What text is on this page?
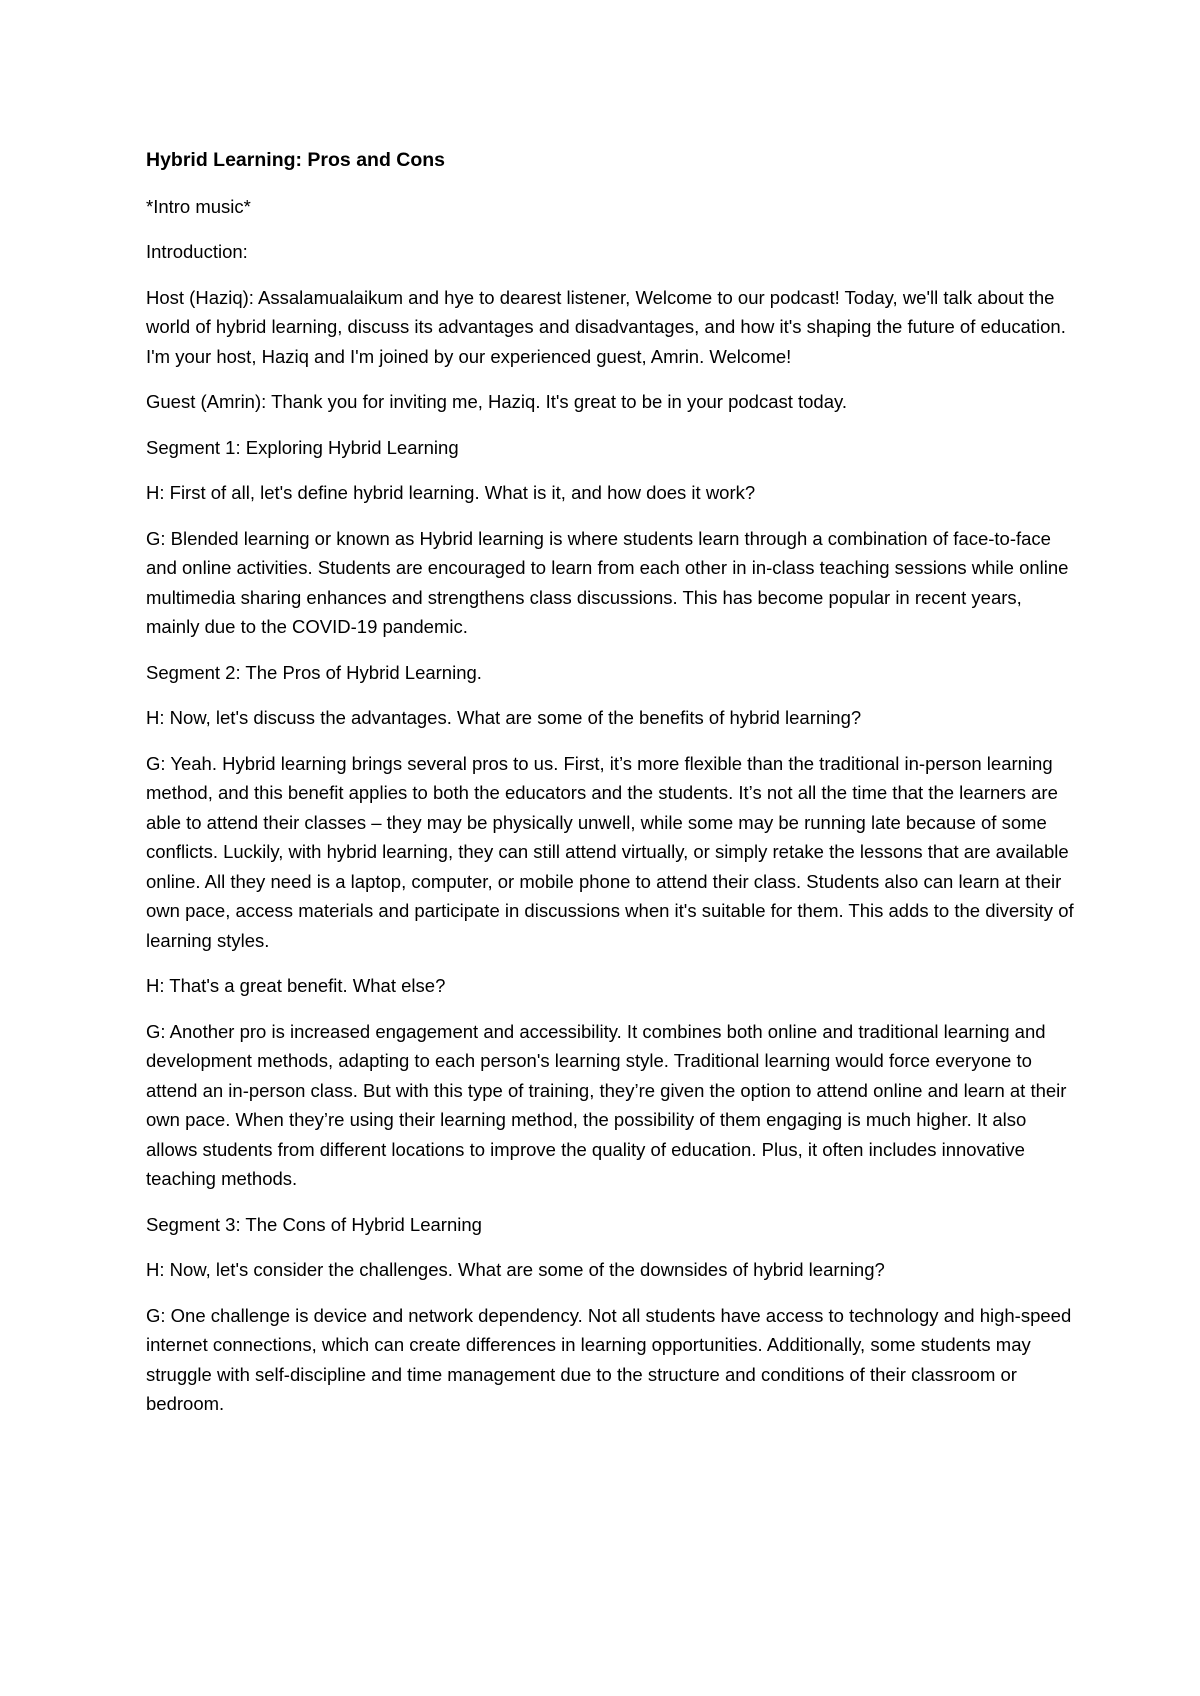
Hybrid Learning: Pros and Cons

*Intro music*

Introduction:

Host (Haziq): Assalamualaikum and hye to dearest listener, Welcome to our podcast! Today, we'll talk about the world of hybrid learning, discuss its advantages and disadvantages, and how it's shaping the future of education. I'm your host, Haziq and I'm joined by our experienced guest, Amrin. Welcome!

Guest (Amrin): Thank you for inviting me, Haziq. It's great to be in your podcast today.

Segment 1: Exploring Hybrid Learning

H: First of all, let's define hybrid learning. What is it, and how does it work?

G: Blended learning or known as Hybrid learning is where students learn through a combination of face-to-face and online activities. Students are encouraged to learn from each other in in-class teaching sessions while online multimedia sharing enhances and strengthens class discussions. This has become popular in recent years, mainly due to the COVID-19 pandemic.

Segment 2: The Pros of Hybrid Learning.

H: Now, let's discuss the advantages. What are some of the benefits of hybrid learning?

G: Yeah. Hybrid learning brings several pros to us. First, it’s more flexible than the traditional in-person learning method, and this benefit applies to both the educators and the students. It’s not all the time that the learners are able to attend their classes – they may be physically unwell, while some may be running late because of some conflicts. Luckily, with hybrid learning, they can still attend virtually, or simply retake the lessons that are available online. All they need is a laptop, computer, or mobile phone to attend their class. Students also can learn at their own pace, access materials and participate in discussions when it's suitable for them. This adds to the diversity of learning styles.

H: That's a great benefit. What else?

G: Another pro is increased engagement and accessibility. It combines both online and traditional learning and development methods, adapting to each person's learning style. Traditional learning would force everyone to attend an in-person class. But with this type of training, they’re given the option to attend online and learn at their own pace. When they’re using their learning method, the possibility of them engaging is much higher. It also allows students from different locations to improve the quality of education. Plus, it often includes innovative teaching methods.

Segment 3: The Cons of Hybrid Learning

H: Now, let's consider the challenges. What are some of the downsides of hybrid learning?

G: One challenge is device and network dependency. Not all students have access to technology and high-speed internet connections, which can create differences in learning opportunities. Additionally, some students may struggle with self-discipline and time management due to the structure and conditions of their classroom or bedroom.
